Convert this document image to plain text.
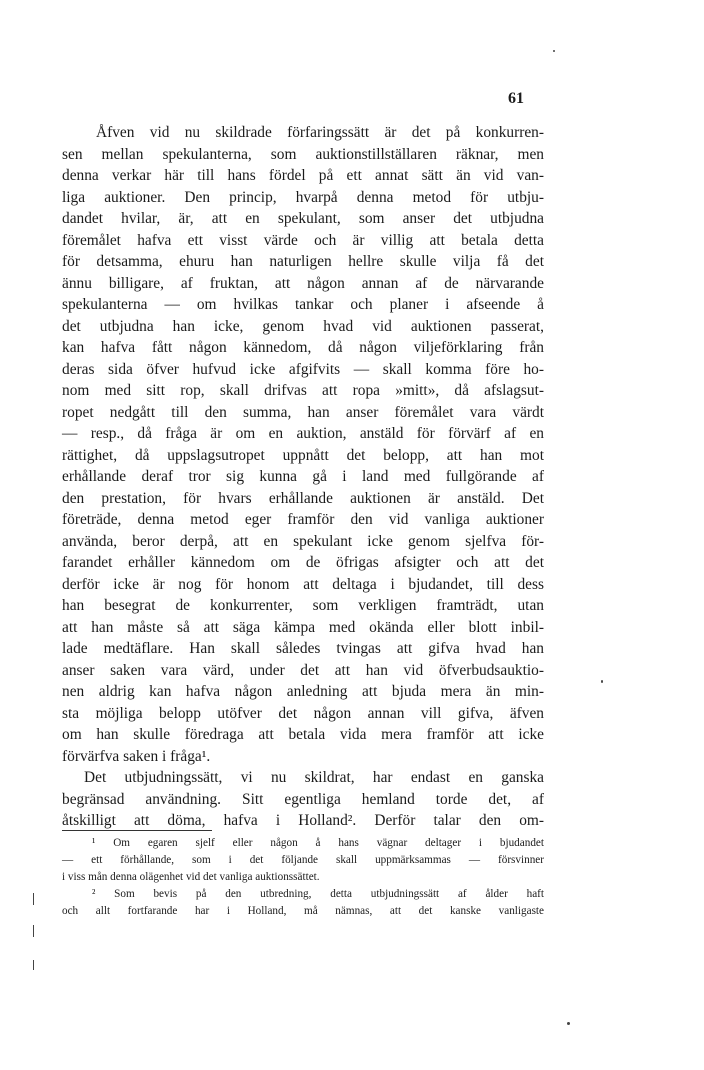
61
Åfven vid nu skildrade förfaringssätt är det på konkurren-
sen mellan spekulanterna, som auktionstillställaren räknar, men
denna verkar här till hans fördel på ett annat sätt än vid van-
liga auktioner. Den princip, hvarpå denna metod för utbju-
dandet hvilar, är, att en spekulant, som anser det utbjudna
föremålet hafva ett visst värde och är villig att betala detta
för detsamma, ehuru han naturligen hellre skulle vilja få det
ännu billigare, af fruktan, att någon annan af de närvarande
spekulanterna — om hvilkas tankar och planer i afseende å
det utbjudna han icke, genom hvad vid auktionen passerat,
kan hafva fått någon kännedom, då någon viljeförklaring från
deras sida öfver hufvud icke afgifvits — skall komma före ho-
nom med sitt rop, skall drifvas att ropa »mitt», då afslagsut-
ropet nedgått till den summa, han anser föremålet vara värdt
— resp., då fråga är om en auktion, anstäld för förvärf af en
rättighet, då uppslagsutropet uppnått det belopp, att han mot
erhållande deraf tror sig kunna gå i land med fullgörande af
den prestation, för hvars erhållande auktionen är anstäld. Det
företräde, denna metod eger framför den vid vanliga auktioner
använda, beror derpå, att en spekulant icke genom sjelfva för-
farandet erhåller kännedom om de öfrigas afsigter och att det
derför icke är nog för honom att deltaga i bjudandet, till dess
han besegrat de konkurrenter, som verkligen framträdt, utan
att han måste så att säga kämpa med okända eller blott inbil-
lade medtäflare. Han skall således tvingas att gifva hvad han
anser saken vara värd, under det att han vid öfverbudsauktio-
nen aldrig kan hafva någon anledning att bjuda mera än min-
sta möjliga belopp utöfver det någon annan vill gifva, äfven
om han skulle föredraga att betala vida mera framför att icke
förvärfva saken i fråga¹.
Det utbjudningssätt, vi nu skildrat, har endast en ganska
begränsad användning. Sitt egentliga hemland torde det, af
åtskilligt att döma, hafva i Holland². Derför talar den om-
¹ Om egaren sjelf eller någon å hans vägnar deltager i bjudandet
— ett förhållande, som i det följande skall uppmärksammas — försvinner
i viss mån denna olägenhet vid det vanliga auktionssättet.
² Som bevis på den utbredning, detta utbjudningssätt af ålder haft
och allt fortfarande har i Holland, må nämnas, att det kanske vanligaste
